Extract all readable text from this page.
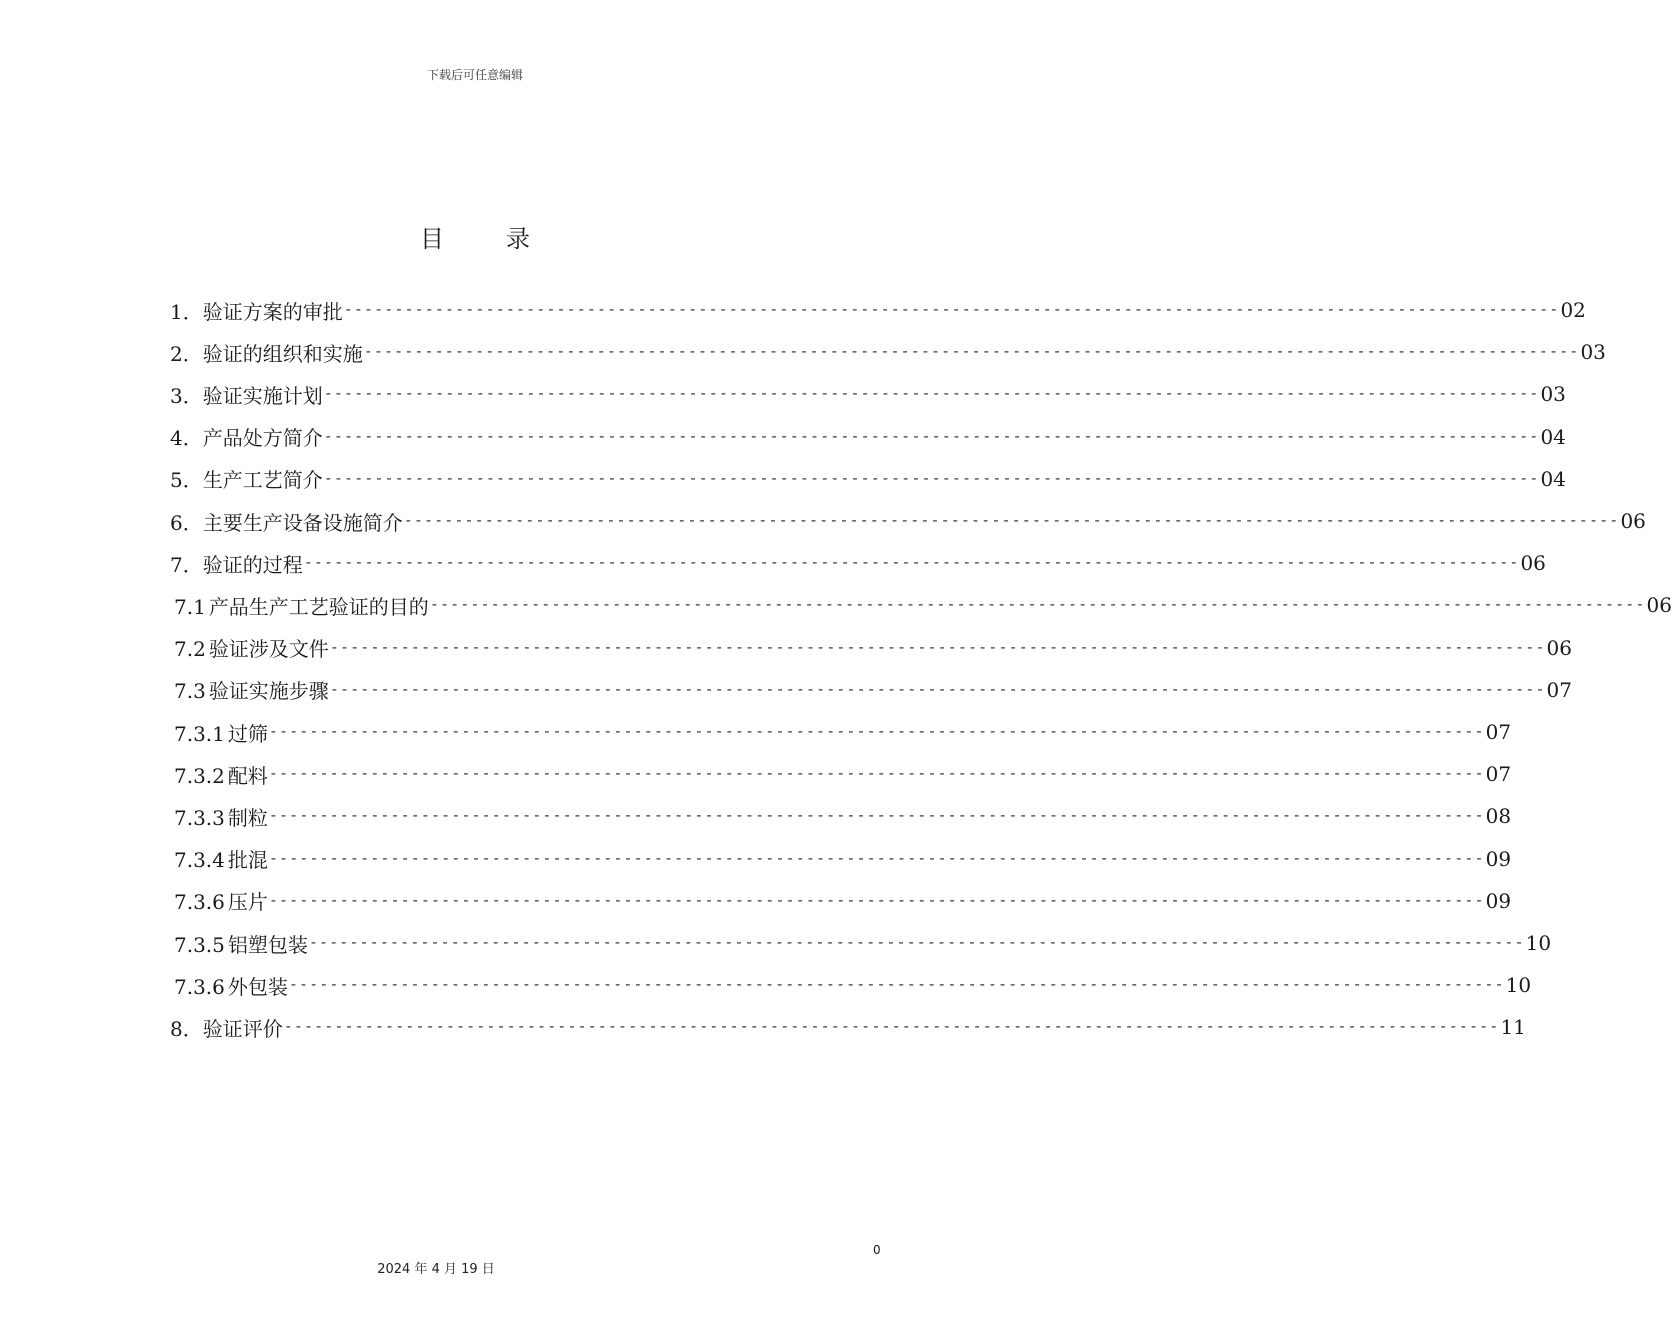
下载后可任意编辑
目	录
1．验证方案的审批 ------------------------------------------------------------------------------------------------------------------------ 02
2．验证的组织和实施 ------------------------------------------------------------------------------------------------------------------------ 03
3．验证实施计划 ------------------------------------------------------------------------------------------------------------------------ 03
4．产品处方简介 ------------------------------------------------------------------------------------------------------------------------ 04
5．生产工艺简介 ------------------------------------------------------------------------------------------------------------------------ 04
6．主要生产设备设施简介 ------------------------------------------------------------------------------------------------------------------------ 06
7．验证的过程 ------------------------------------------------------------------------------------------------------------------------ 06
7.1 产品生产工艺验证的目的 ------------------------------------------------------------------------------------------------------------------------ 06
7.2 验证涉及文件 ------------------------------------------------------------------------------------------------------------------------ 06
7.3 验证实施步骤 ------------------------------------------------------------------------------------------------------------------------ 07
7.3.1 过筛 ------------------------------------------------------------------------------------------------------------------------ 07
7.3.2 配料 ------------------------------------------------------------------------------------------------------------------------ 07
7.3.3 制粒 ------------------------------------------------------------------------------------------------------------------------ 08
7.3.4 批混 ------------------------------------------------------------------------------------------------------------------------ 09
7.3.6 压片 ------------------------------------------------------------------------------------------------------------------------ 09
7.3.5 铝塑包装 ------------------------------------------------------------------------------------------------------------------------ 10
7.3.6 外包装 ------------------------------------------------------------------------------------------------------------------------ 10
8．验证评价 ------------------------------------------------------------------------------------------------------------------------ 11
0
2024 年 4 月 19 日
